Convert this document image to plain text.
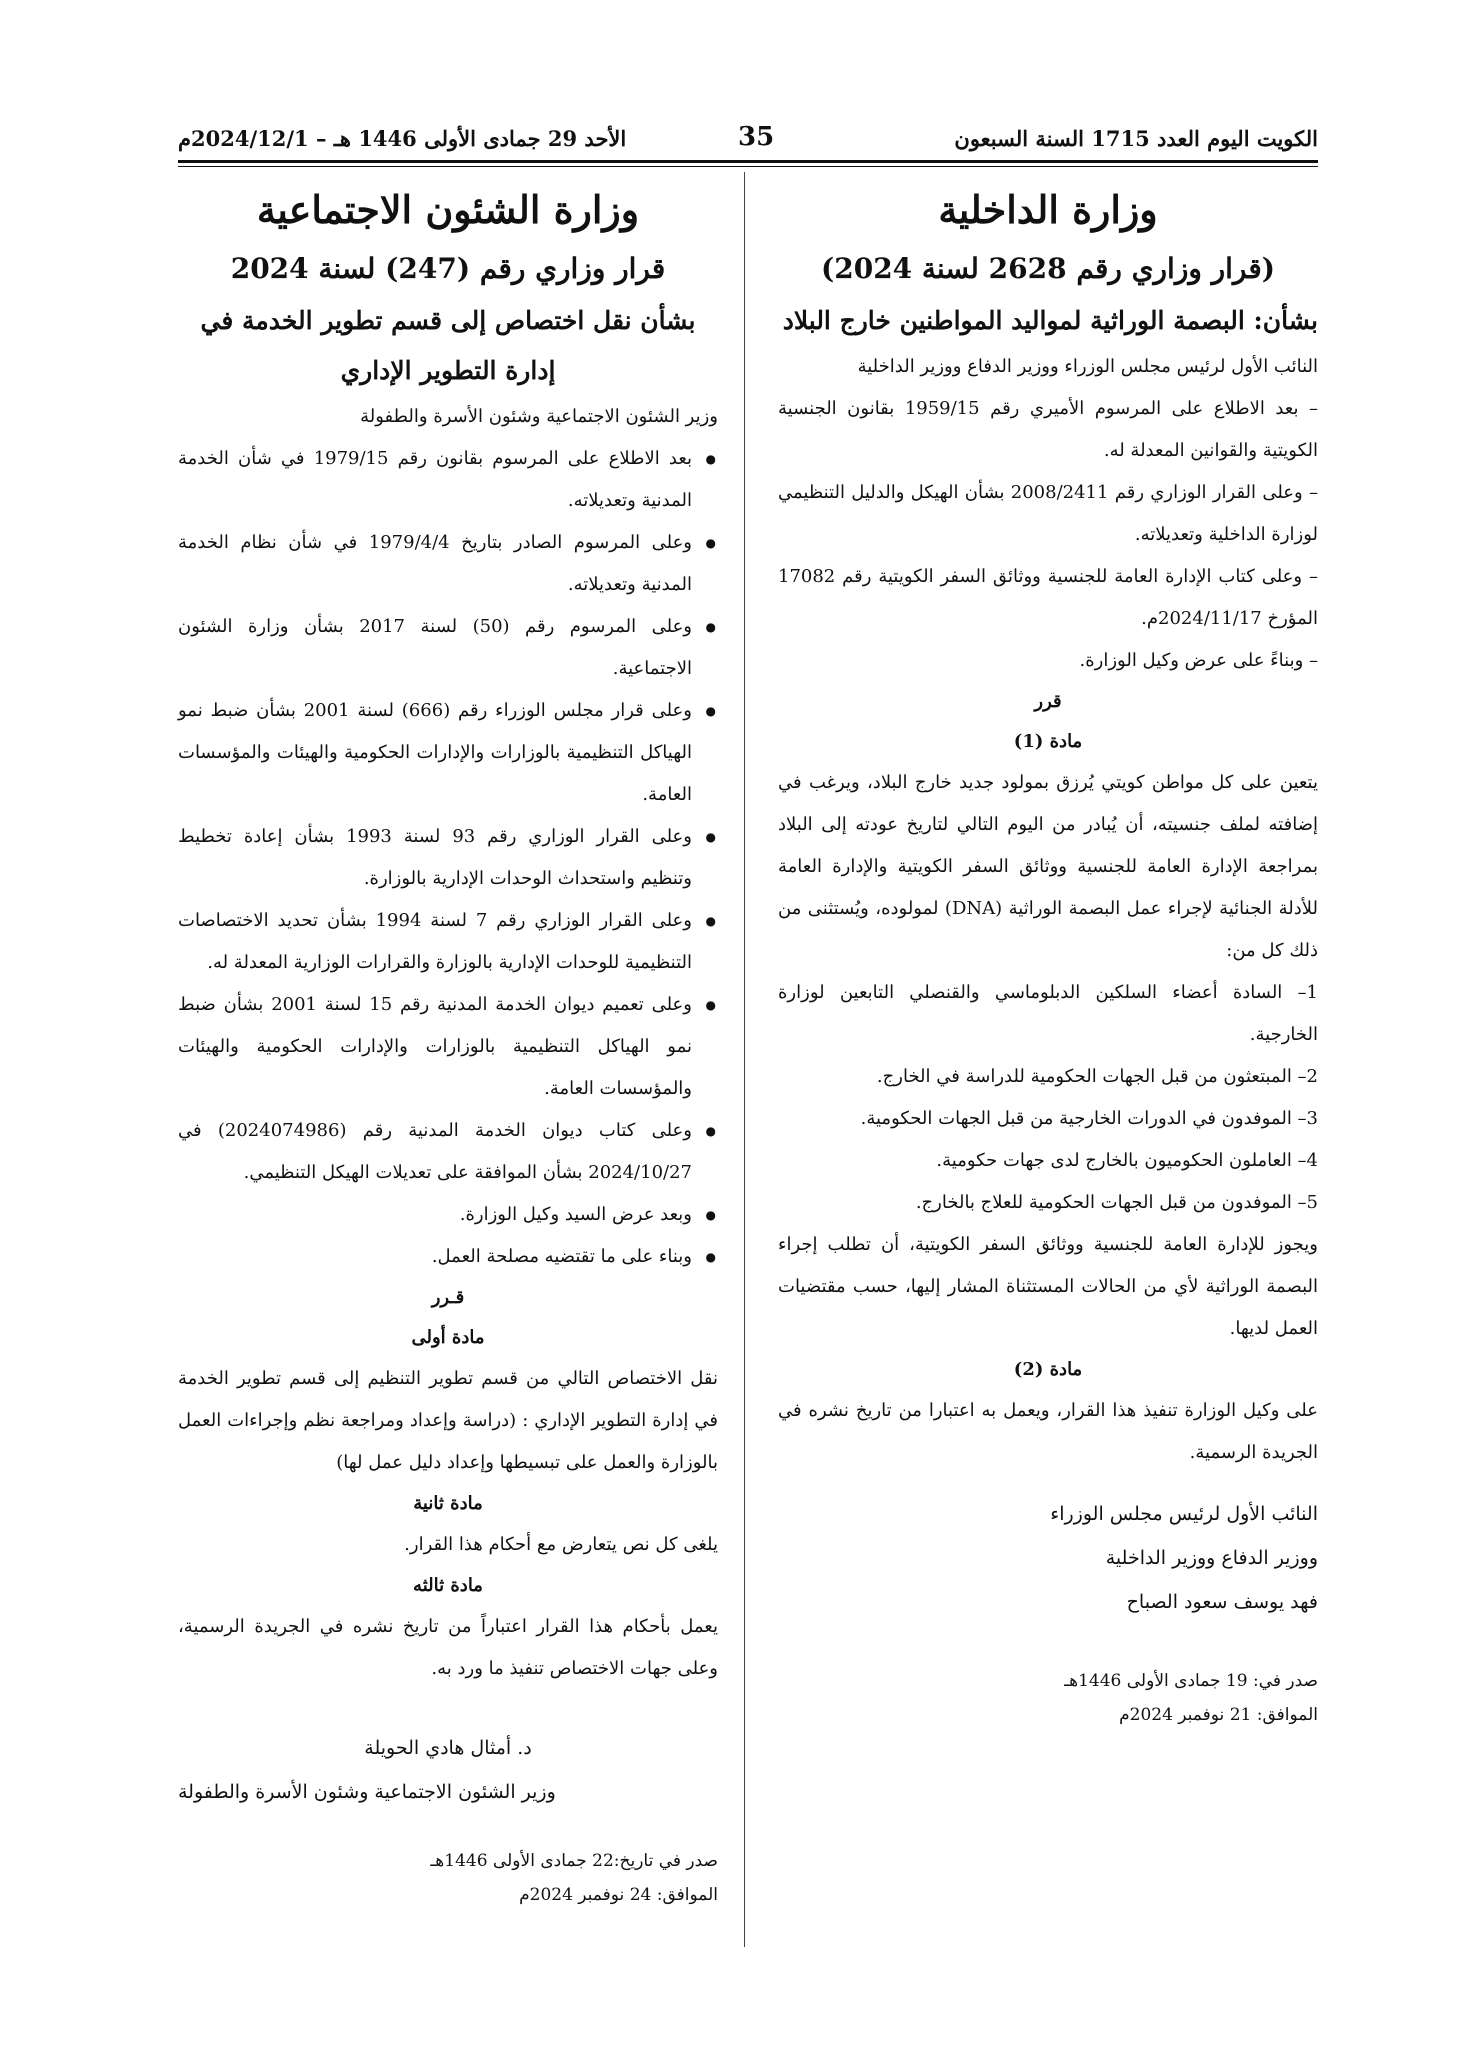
الكويت اليوم العدد 1715 السنة السبعون
35
الأحد 29 جمادى الأولى 1446 هـ – 2024/12/1م
وزارة الداخلية
(قرار وزاري رقم 2628 لسنة 2024)
بشأن: البصمة الوراثية لمواليد المواطنين خارج البلاد

النائب الأول لرئيس مجلس الوزراء ووزير الدفاع ووزير الداخلية

– بعد الاطلاع على المرسوم الأميري رقم 1959/15 بقانون الجنسية الكويتية والقوانين المعدلة له.

– وعلى القرار الوزاري رقم 2008/2411 بشأن الهيكل والدليل التنظيمي لوزارة الداخلية وتعديلاته.

– وعلى كتاب الإدارة العامة للجنسية ووثائق السفر الكويتية رقم 17082 المؤرخ 2024/11/17م.

– وبناءً على عرض وكيل الوزارة.

قرر

مادة (1)

يتعين على كل مواطن كويتي يُرزق بمولود جديد خارج البلاد، ويرغب في إضافته لملف جنسيته، أن يُبادر من اليوم التالي لتاريخ عودته إلى البلاد بمراجعة الإدارة العامة للجنسية ووثائق السفر الكويتية والإدارة العامة للأدلة الجنائية لإجراء عمل البصمة الوراثية (DNA) لمولوده، ويُستثنى من ذلك كل من:

1– السادة أعضاء السلكين الدبلوماسي والقنصلي التابعين لوزارة الخارجية.

2– المبتعثون من قبل الجهات الحكومية للدراسة في الخارج.

3– الموفدون في الدورات الخارجية من قبل الجهات الحكومية.

4– العاملون الحكوميون بالخارج لدى جهات حكومية.

5– الموفدون من قبل الجهات الحكومية للعلاج بالخارج.

ويجوز للإدارة العامة للجنسية ووثائق السفر الكويتية، أن تطلب إجراء البصمة الوراثية لأي من الحالات المستثناة المشار إليها، حسب مقتضيات العمل لديها.

مادة (2)

على وكيل الوزارة تنفيذ هذا القرار، ويعمل به اعتبارا من تاريخ نشره في الجريدة الرسمية.

النائب الأول لرئيس مجلس الوزراء

ووزير الدفاع ووزير الداخلية

فهد يوسف سعود الصباح

صدر في: 19 جمادى الأولى 1446هـ

الموافق: 21 نوفمبر 2024م

وزارة الشئون الاجتماعية
قرار وزاري رقم (247) لسنة 2024
بشأن نقل اختصاص إلى قسم تطوير الخدمة في إدارة التطوير الإداري

وزير الشئون الاجتماعية وشئون الأسرة والطفولة

● بعد الاطلاع على المرسوم بقانون رقم 1979/15 في شأن الخدمة المدنية وتعديلاته.

● وعلى المرسوم الصادر بتاريخ 1979/4/4 في شأن نظام الخدمة المدنية وتعديلاته.

● وعلى المرسوم رقم (50) لسنة 2017 بشأن وزارة الشئون الاجتماعية.

● وعلى قرار مجلس الوزراء رقم (666) لسنة 2001 بشأن ضبط نمو الهياكل التنظيمية بالوزارات والإدارات الحكومية والهيئات والمؤسسات العامة.

● وعلى القرار الوزاري رقم 93 لسنة 1993 بشأن إعادة تخطيط وتنظيم واستحداث الوحدات الإدارية بالوزارة.

● وعلى القرار الوزاري رقم 7 لسنة 1994 بشأن تحديد الاختصاصات التنظيمية للوحدات الإدارية بالوزارة والقرارات الوزارية المعدلة له.

● وعلى تعميم ديوان الخدمة المدنية رقم 15 لسنة 2001 بشأن ضبط نمو الهياكل التنظيمية بالوزارات والإدارات الحكومية والهيئات والمؤسسات العامة.

● وعلى كتاب ديوان الخدمة المدنية رقم (2024074986) في 2024/10/27 بشأن الموافقة على تعديلات الهيكل التنظيمي.

● وبعد عرض السيد وكيل الوزارة.

● وبناء على ما تقتضيه مصلحة العمل.

قـرر

مادة أولى

نقل الاختصاص التالي من قسم تطوير التنظيم إلى قسم تطوير الخدمة في إدارة التطوير الإداري : (دراسة وإعداد ومراجعة نظم وإجراءات العمل بالوزارة والعمل على تبسيطها وإعداد دليل عمل لها)

مادة ثانية

يلغى كل نص يتعارض مع أحكام هذا القرار.

مادة ثالثه

يعمل بأحكام هذا القرار اعتباراً من تاريخ نشره في الجريدة الرسمية، وعلى جهات الاختصاص تنفيذ ما ورد به.

د. أمثال هادي الحويلة

وزير الشئون الاجتماعية وشئون الأسرة والطفولة

صدر في تاريخ:22 جمادى الأولى 1446هـ

الموافق: 24 نوفمبر 2024م
